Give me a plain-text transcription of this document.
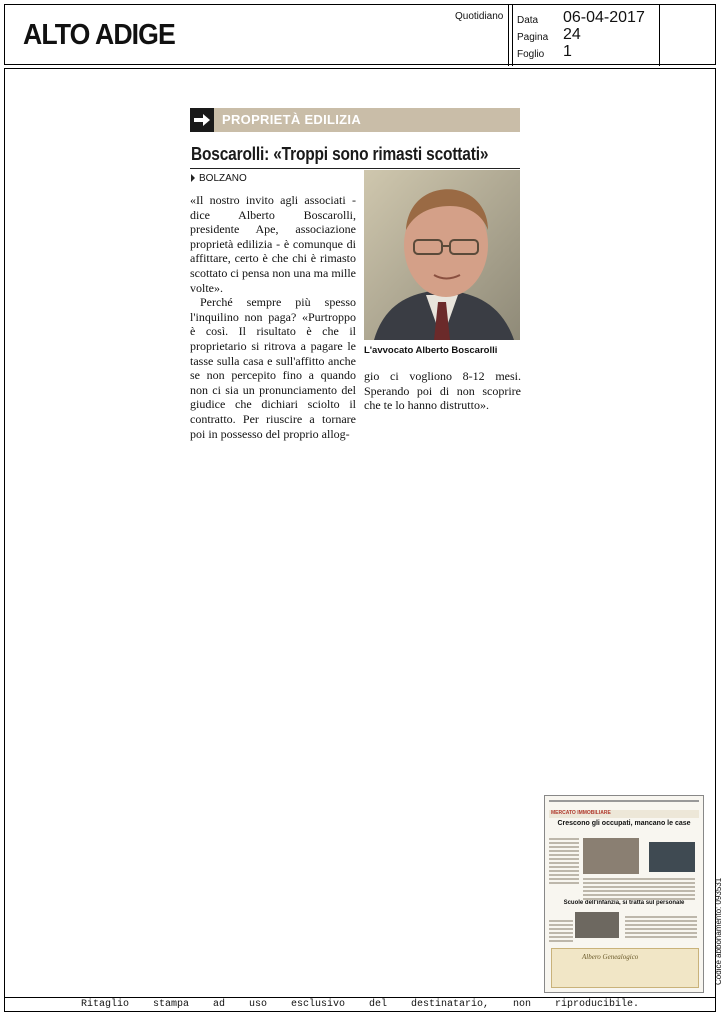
ALTO ADIGE
Quotidiano Data 06-04-2017
Pagina 24
Foglio 1
PROPRIETÀ EDILIZIA
Boscarolli: «Troppi sono rimasti scottati»
BOLZANO

«Il nostro invito agli associati - dice Alberto Boscarolli, presidente Ape, associazione proprietà edilizia - è comunque di affittare, certo è che chi è rimasto scottato ci pensa non una ma mille volte».

Perché sempre più spesso l'inquilino non paga? «Purtroppo è così. Il risultato è che il proprietario si ritrova a pagare le tasse sulla casa e sull'affitto anche se non percepito fino a quando non ci sia un pronunciamento del giudice che dichiari sciolto il contratto. Per riuscire a tornare poi in possesso del proprio allog-

L'avvocato Alberto Boscarolli

gio ci vogliono 8-12 mesi. Sperando poi di non scoprire che te lo hanno distrutto».

MERCATO IMMOBILIARE
Crescono gli occupati, mancano le case
Scuole dell'infanzia, si tratta sul personale
Albero Genealogico	Codice abbonamento: 093531
Ritaglio stampa ad uso esclusivo del destinatario, non riproducibile.
